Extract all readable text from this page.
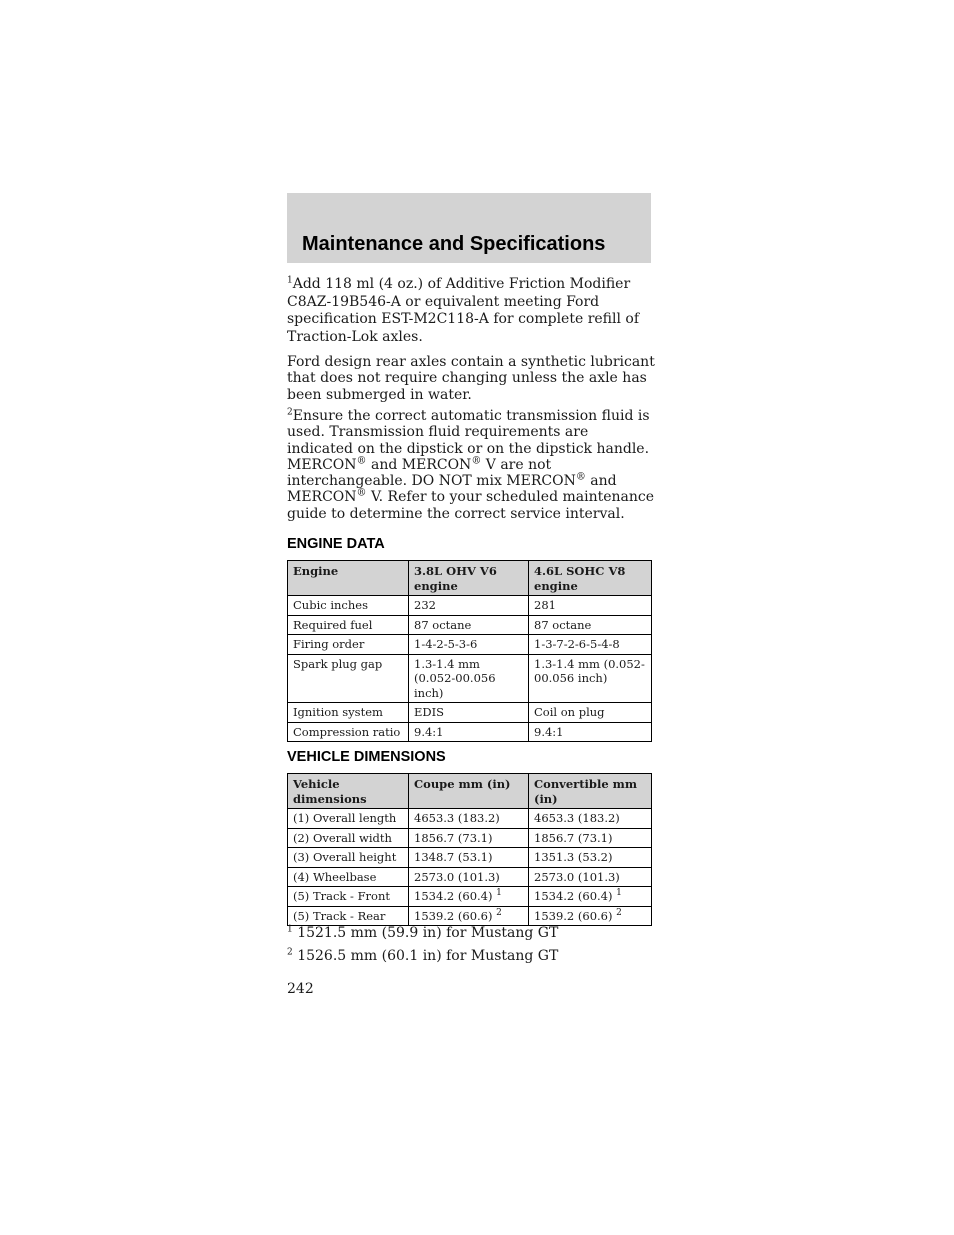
Maintenance and Specifications

$^1$Add 118 ml (4 oz.) of Additive Friction Modifier C8AZ-19B546-A or equivalent meeting Ford specification EST-M2C118-A for complete refill of Traction-Lok axles.

Ford design rear axles contain a synthetic lubricant that does not require changing unless the axle has been submerged in water.

$^2$Ensure the correct automatic transmission fluid is used. Transmission fluid requirements are indicated on the dipstick or on the dipstick handle. MERCON® and MERCON® V are not interchangeable. DO NOT mix MERCON® and MERCON® V. Refer to your scheduled maintenance guide to determine the correct service interval.

ENGINE DATA
Engine	3.8L OHV V6 engine	4.6L SOHC V8 engine
Cubic inches	232	281
Required fuel	87 octane	87 octane
Firing order	1-4-2-5-3-6	1-3-7-2-6-5-4-8
Spark plug gap	1.3-1.4 mm (0.052-00.056 inch)	1.3-1.4 mm (0.052-00.056 inch)
Ignition system	EDIS	Coil on plug
Compression ratio	9.4:1	9.4:1
VEHICLE DIMENSIONS
Vehicle dimensions	Coupe mm (in)	Convertible mm (in)
(1) Overall length	4653.3 (183.2)	4653.3 (183.2)
(2) Overall width	1856.7 (73.1)	1856.7 (73.1)
(3) Overall height	1348.7 (53.1)	1351.3 (53.2)
(4) Wheelbase	2573.0 (101.3)	2573.0 (101.3)
(5) Track - Front	1534.2 (60.4) $^1$	1534.2 (60.4) $^1$
(5) Track - Rear	1539.2 (60.6) $^2$	1539.2 (60.6) $^2$
$^1$ 1521.5 mm (59.9 in) for Mustang GT
$^2$ 1526.5 mm (60.1 in) for Mustang GT
242
